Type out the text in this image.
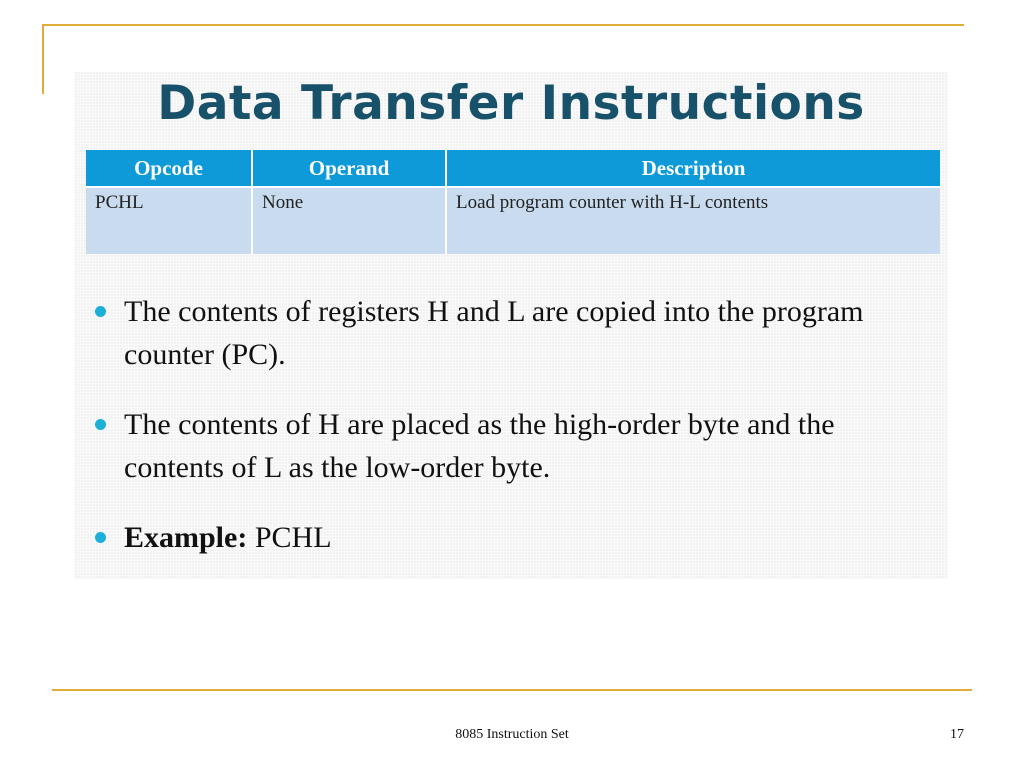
Data Transfer Instructions
Opcode	Operand	Description
PCHL	None	Load program counter with H-L contents
The contents of registers H and L are copied into the program counter (PC).
The contents of H are placed as the high-order byte and the contents of L as the low-order byte.
Example: PCHL
8085 Instruction Set	17
